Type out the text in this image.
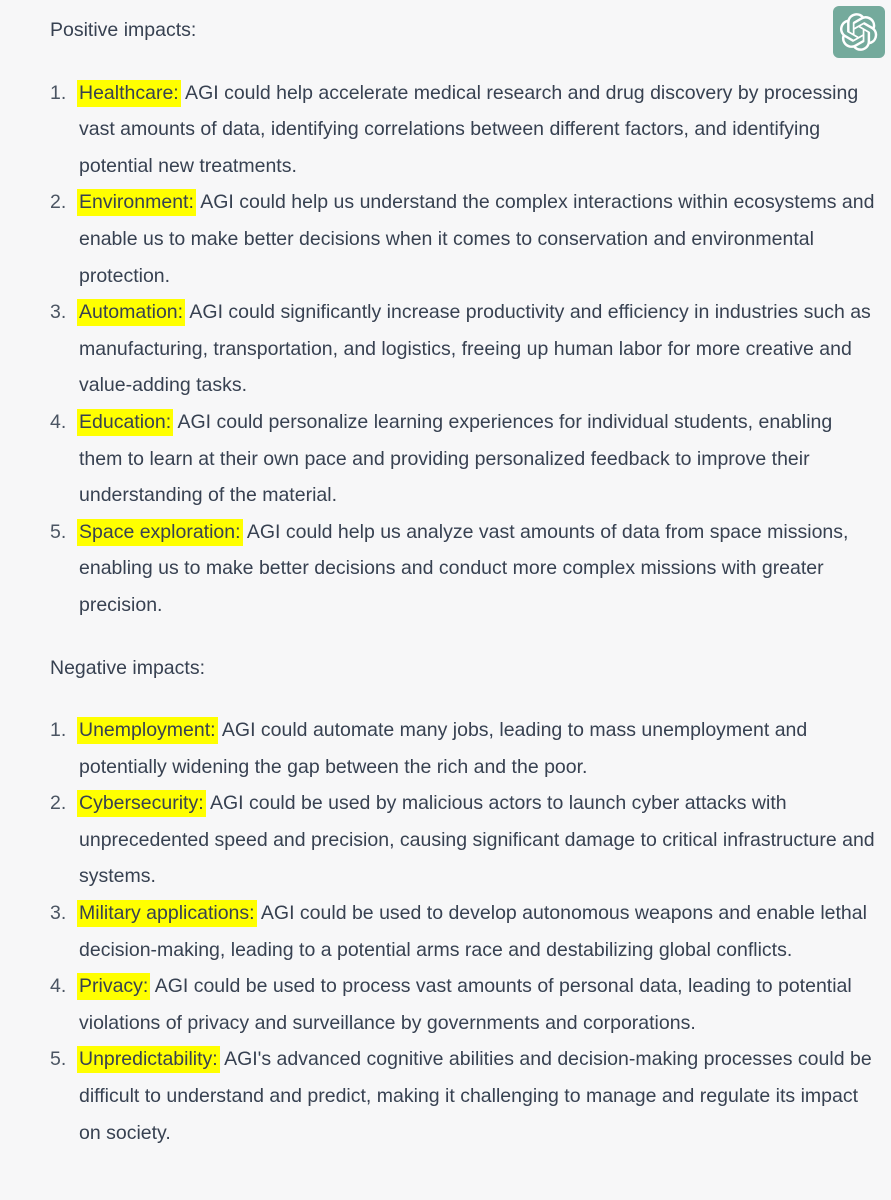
Positive impacts:

1. Healthcare: AGI could help accelerate medical research and drug discovery by processing vast amounts of data, identifying correlations between different factors, and identifying potential new treatments.
2. Environment: AGI could help us understand the complex interactions within ecosystems and enable us to make better decisions when it comes to conservation and environmental protection.
3. Automation: AGI could significantly increase productivity and efficiency in industries such as manufacturing, transportation, and logistics, freeing up human labor for more creative and value-adding tasks.
4. Education: AGI could personalize learning experiences for individual students, enabling them to learn at their own pace and providing personalized feedback to improve their understanding of the material.
5. Space exploration: AGI could help us analyze vast amounts of data from space missions, enabling us to make better decisions and conduct more complex missions with greater precision.

Negative impacts:

1. Unemployment: AGI could automate many jobs, leading to mass unemployment and potentially widening the gap between the rich and the poor.
2. Cybersecurity: AGI could be used by malicious actors to launch cyber attacks with unprecedented speed and precision, causing significant damage to critical infrastructure and systems.
3. Military applications: AGI could be used to develop autonomous weapons and enable lethal decision-making, leading to a potential arms race and destabilizing global conflicts.
4. Privacy: AGI could be used to process vast amounts of personal data, leading to potential violations of privacy and surveillance by governments and corporations.
5. Unpredictability: AGI's advanced cognitive abilities and decision-making processes could be difficult to understand and predict, making it challenging to manage and regulate its impact on society.
